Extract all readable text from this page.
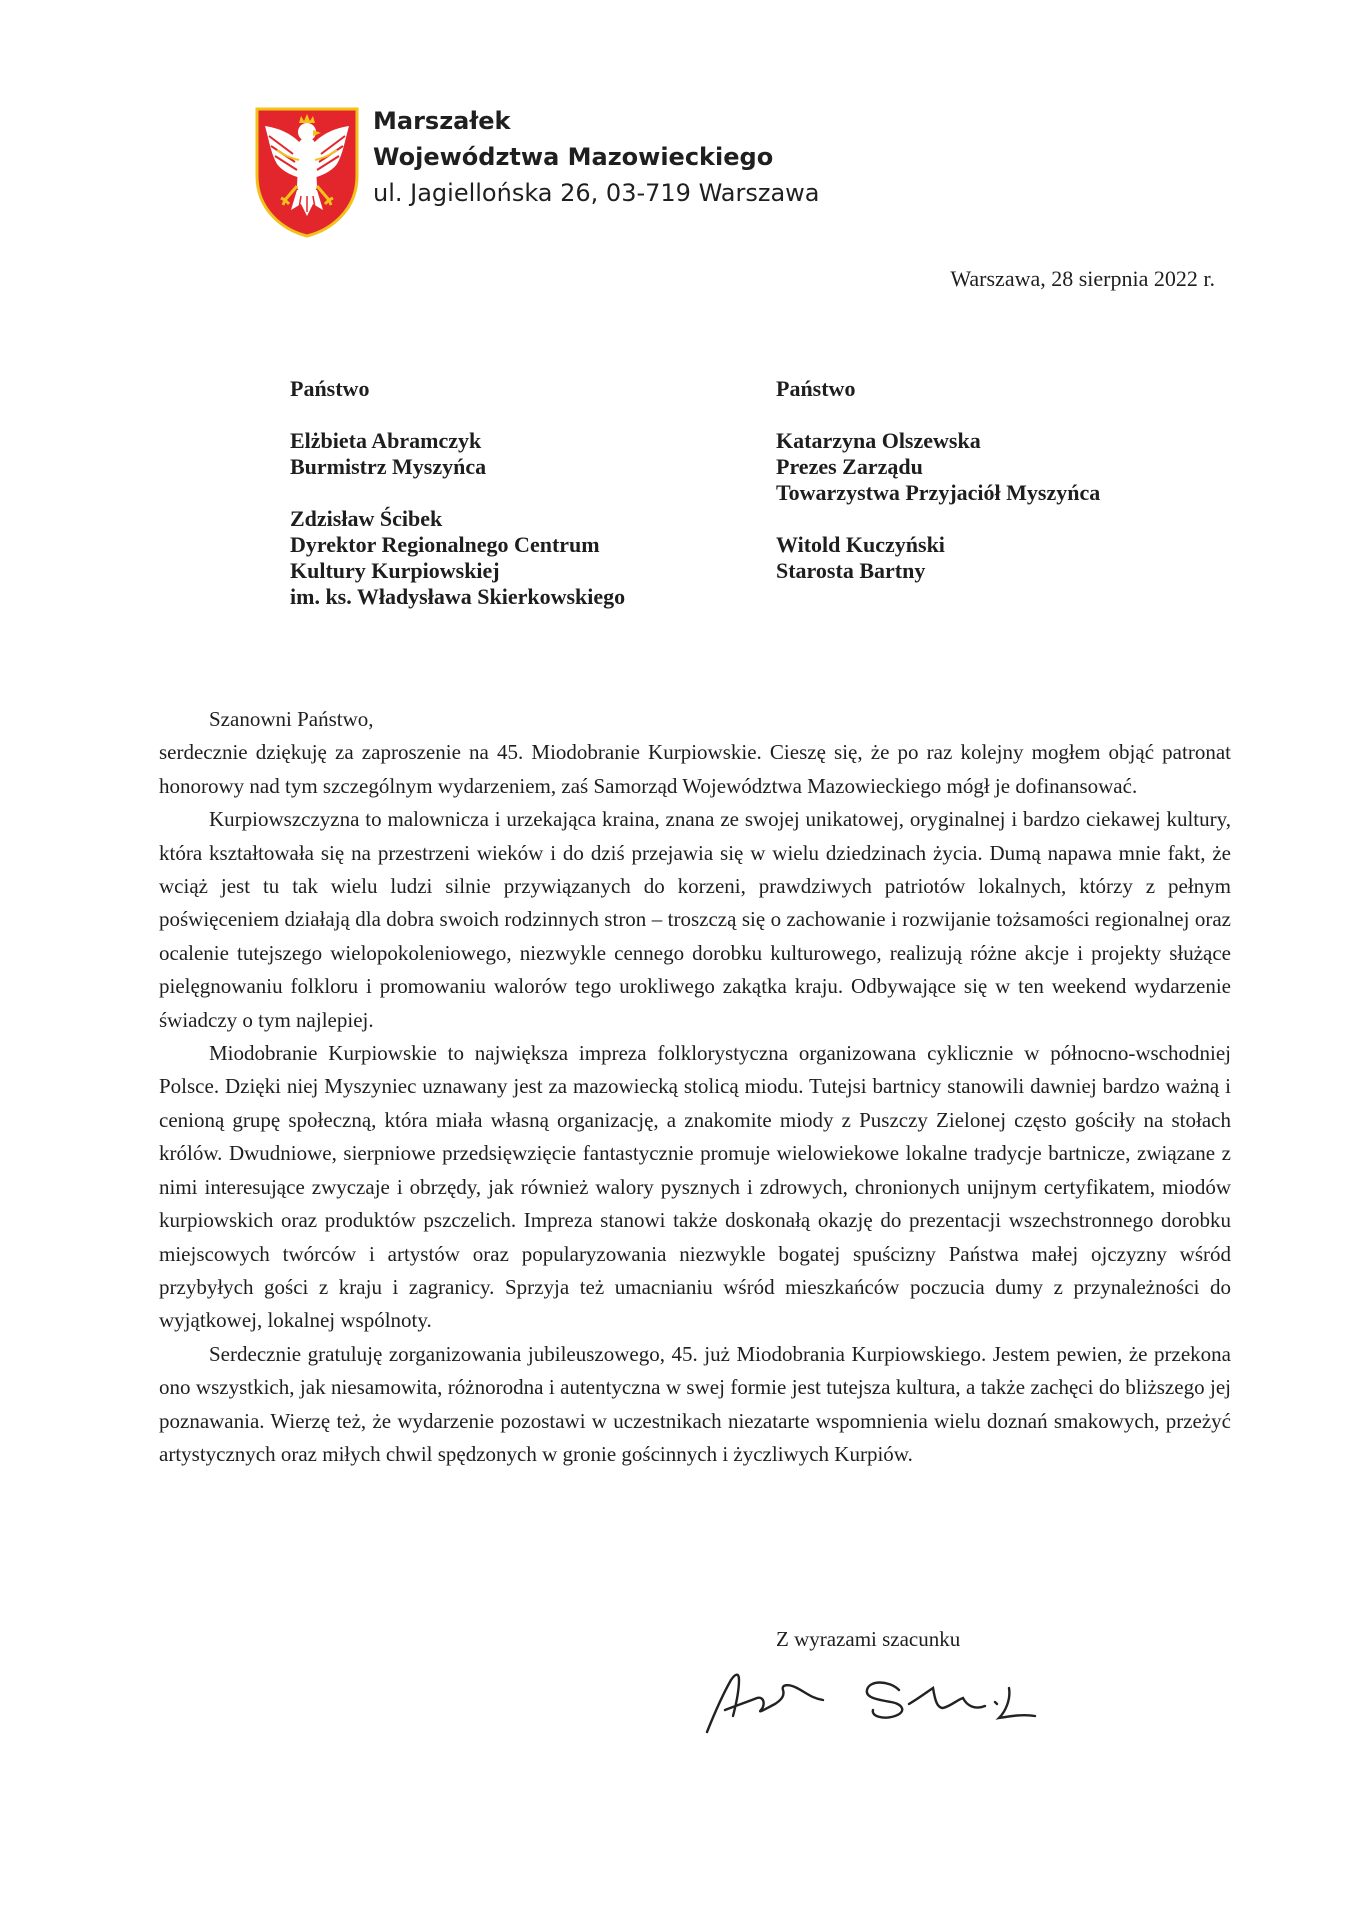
Marszałek
Województwa Mazowieckiego
ul. Jagiellońska 26, 03-719 Warszawa
Warszawa, 28 sierpnia 2022 r.
Państwo
Elżbieta Abramczyk
Burmistrz Myszyńca
Zdzisław Ścibek
Dyrektor Regionalnego Centrum
Kultury Kurpiowskiej
im. ks. Władysława Skierkowskiego
Państwo
Katarzyna Olszewska
Prezes Zarządu
Towarzystwa Przyjaciół Myszyńca
Witold Kuczyński
Starosta Bartny

Szanowni Państwo,

serdecznie dziękuję za zaproszenie na 45. Miodobranie Kurpiowskie. Cieszę się, że po raz kolejny mogłem objąć patronat honorowy nad tym szczególnym wydarzeniem, zaś Samorząd Województwa Mazowieckiego mógł je dofinansować.

Kurpiowszczyzna to malownicza i urzekająca kraina, znana ze swojej unikatowej, oryginalnej i bardzo ciekawej kultury, która kształtowała się na przestrzeni wieków i do dziś przejawia się w wielu dziedzinach życia. Dumą napawa mnie fakt, że wciąż jest tu tak wielu ludzi silnie przywiązanych do korzeni, prawdziwych patriotów lokalnych, którzy z pełnym poświęceniem działają dla dobra swoich rodzinnych stron – troszczą się o zachowanie i rozwijanie tożsamości regionalnej oraz ocalenie tutejszego wielopokoleniowego, niezwykle cennego dorobku kulturowego, realizują różne akcje i projekty służące pielęgnowaniu folkloru i promowaniu walorów tego urokliwego zakątka kraju. Odbywające się w ten weekend wydarzenie świadczy o tym najlepiej.

Miodobranie Kurpiowskie to największa impreza folklorystyczna organizowana cyklicznie w północno-wschodniej Polsce. Dzięki niej Myszyniec uznawany jest za mazowiecką stolicą miodu. Tutejsi bartnicy stanowili dawniej bardzo ważną i cenioną grupę społeczną, która miała własną organizację, a znakomite miody z Puszczy Zielonej często gościły na stołach królów. Dwudniowe, sierpniowe przedsięwzięcie fantastycznie promuje wielowiekowe lokalne tradycje bartnicze, związane z nimi interesujące zwyczaje i obrzędy, jak również walory pysznych i zdrowych, chronionych unijnym certyfikatem, miodów kurpiowskich oraz produktów pszczelich. Impreza stanowi także doskonałą okazję do prezentacji wszechstronnego dorobku miejscowych twórców i artystów oraz popularyzowania niezwykle bogatej spuścizny Państwa małej ojczyzny wśród przybyłych gości z kraju i zagranicy. Sprzyja też umacnianiu wśród mieszkańców poczucia dumy z przynależności do wyjątkowej, lokalnej wspólnoty.

Serdecznie gratuluję zorganizowania jubileuszowego, 45. już Miodobrania Kurpiowskiego. Jestem pewien, że przekona ono wszystkich, jak niesamowita, różnorodna i autentyczna w swej formie jest tutejsza kultura, a także zachęci do bliższego jej poznawania. Wierzę też, że wydarzenie pozostawi w uczestnikach niezatarte wspomnienia wielu doznań smakowych, przeżyć artystycznych oraz miłych chwil spędzonych w gronie gościnnych i życzliwych Kurpiów.

Z wyrazami szacunku
